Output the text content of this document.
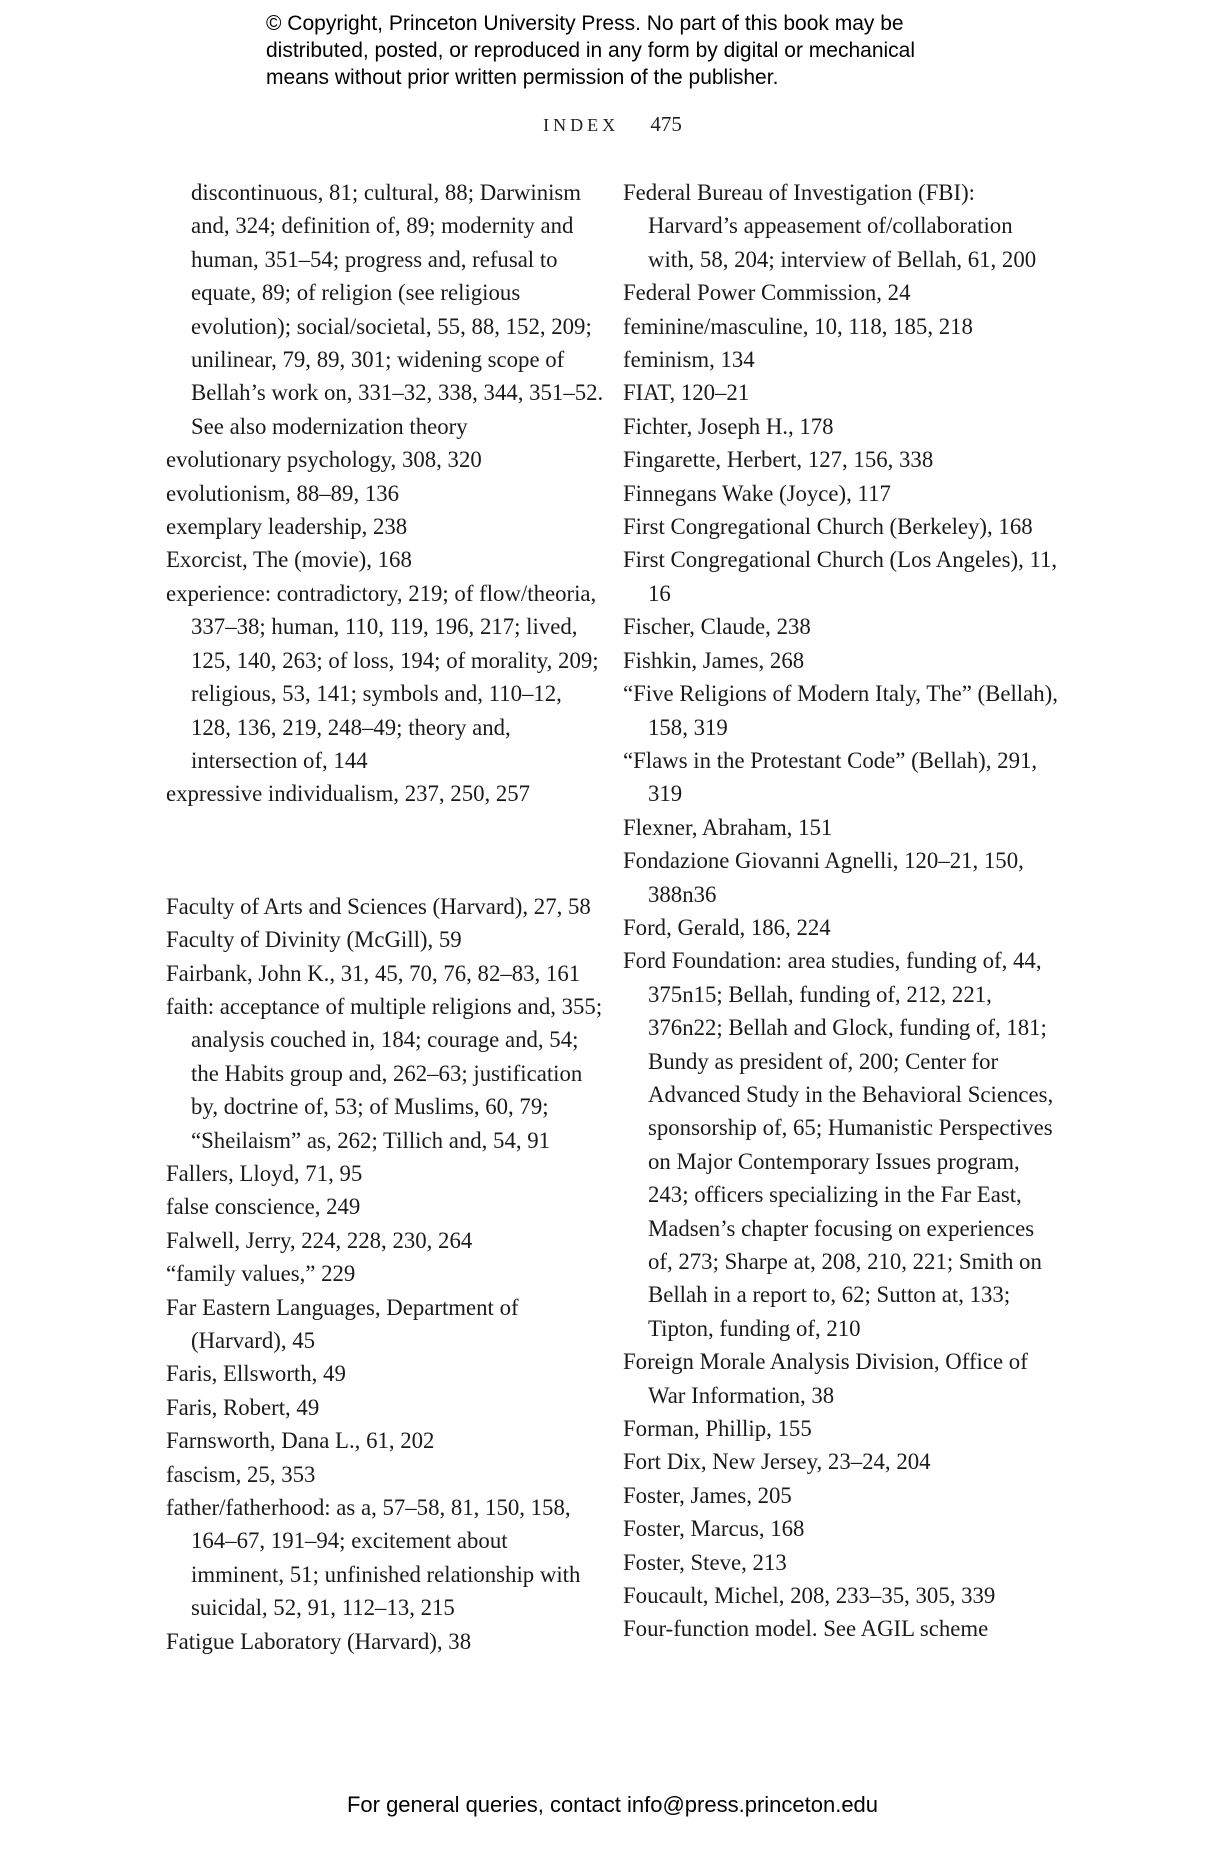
© Copyright, Princeton University Press. No part of this book may be

distributed, posted, or reproduced in any form by digital or mechanical

means without prior written permission of the publisher.

INDEX 475

discontinuous, 81; cultural, 88; Darwinism and, 324; definition of, 89; modernity and human, 351–54; progress and, refusal to equate, 89; of religion (see religious evolution); social/societal, 55, 88, 152, 209; unilinear, 79, 89, 301; widening scope of Bellah’s work on, 331–32, 338, 344, 351–52. See also modernization theory

evolutionary psychology, 308, 320

evolutionism, 88–89, 136

exemplary leadership, 238

Exorcist, The (movie), 168

experience: contradictory, 219; of flow/theoria, 337–38; human, 110, 119, 196, 217; lived, 125, 140, 263; of loss, 194; of morality, 209; religious, 53, 141; symbols and, 110–12, 128, 136, 219, 248–49; theory and, intersection of, 144

expressive individualism, 237, 250, 257

Faculty of Arts and Sciences (Harvard), 27, 58

Faculty of Divinity (McGill), 59

Fairbank, John K., 31, 45, 70, 76, 82–83, 161

faith: acceptance of multiple religions and, 355; analysis couched in, 184; courage and, 54; the Habits group and, 262–63; justification by, doctrine of, 53; of Muslims, 60, 79; “Sheilaism” as, 262; Tillich and, 54, 91

Fallers, Lloyd, 71, 95

false conscience, 249

Falwell, Jerry, 224, 228, 230, 264

“family values,” 229

Far Eastern Languages, Department of (Harvard), 45

Faris, Ellsworth, 49

Faris, Robert, 49

Farnsworth, Dana L., 61, 202

fascism, 25, 353

father/fatherhood: as a, 57–58, 81, 150, 158, 164–67, 191–94; excitement about imminent, 51; unfinished relationship with suicidal, 52, 91, 112–13, 215

Fatigue Laboratory (Harvard), 38

Federal Bureau of Investigation (FBI): Harvard’s appeasement of/collaboration with, 58, 204; interview of Bellah, 61, 200

Federal Power Commission, 24

feminine/masculine, 10, 118, 185, 218

feminism, 134

FIAT, 120–21

Fichter, Joseph H., 178

Fingarette, Herbert, 127, 156, 338

Finnegans Wake (Joyce), 117

First Congregational Church (Berkeley), 168

First Congregational Church (Los Angeles), 11, 16

Fischer, Claude, 238

Fishkin, James, 268

“Five Religions of Modern Italy, The” (Bellah), 158, 319

“Flaws in the Protestant Code” (Bellah), 291, 319

Flexner, Abraham, 151

Fondazione Giovanni Agnelli, 120–21, 150, 388n36

Ford, Gerald, 186, 224

Ford Foundation: area studies, funding of, 44, 375n15; Bellah, funding of, 212, 221, 376n22; Bellah and Glock, funding of, 181; Bundy as president of, 200; Center for Advanced Study in the Behavioral Sciences, sponsorship of, 65; Humanistic Perspectives on Major Contemporary Issues program, 243; officers specializing in the Far East, Madsen’s chapter focusing on experiences of, 273; Sharpe at, 208, 210, 221; Smith on Bellah in a report to, 62; Sutton at, 133; Tipton, funding of, 210

Foreign Morale Analysis Division, Office of War Information, 38

Forman, Phillip, 155

Fort Dix, New Jersey, 23–24, 204

Foster, James, 205

Foster, Marcus, 168

Foster, Steve, 213

Foucault, Michel, 208, 233–35, 305, 339

Four-function model. See AGIL scheme

For general queries, contact info@press.princeton.edu
